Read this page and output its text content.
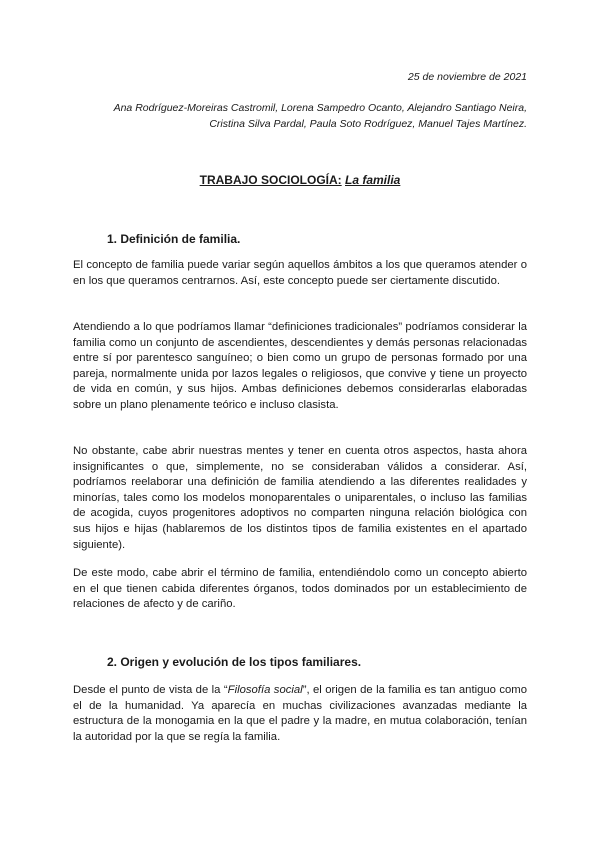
25 de noviembre de 2021
Ana Rodríguez-Moreiras Castromil, Lorena Sampedro Ocanto, Alejandro Santiago Neira,
Cristina Silva Pardal, Paula Soto Rodríguez, Manuel Tajes Martínez.
TRABAJO SOCIOLOGÍA: La familia
1. Definición de familia.
El concepto de familia puede variar según aquellos ámbitos a los que queramos atender o en los que queramos centrarnos. Así, este concepto puede ser ciertamente discutido.
Atendiendo a lo que podríamos llamar “definiciones tradicionales” podríamos considerar la familia como un conjunto de ascendientes, descendientes y demás personas relacionadas entre sí por parentesco sanguíneo; o bien como un grupo de personas formado por una pareja, normalmente unida por lazos legales o religiosos, que convive y tiene un proyecto de vida en común, y sus hijos. Ambas definiciones debemos considerarlas elaboradas sobre un plano plenamente teórico e incluso clasista.
No obstante, cabe abrir nuestras mentes y tener en cuenta otros aspectos, hasta ahora insignificantes o que, simplemente, no se consideraban válidos a considerar. Así, podríamos reelaborar una definición de familia atendiendo a las diferentes realidades y minorías, tales como los modelos monoparentales o uniparentales, o incluso las familias de acogida, cuyos progenitores adoptivos no comparten ninguna relación biológica con sus hijos e hijas (hablaremos de los distintos tipos de familia existentes en el apartado siguiente).
De este modo, cabe abrir el término de familia, entendiéndolo como un concepto abierto en el que tienen cabida diferentes órganos, todos dominados por un establecimiento de relaciones de afecto y de cariño.
2. Origen y evolución de los tipos familiares.
Desde el punto de vista de la “Filosofía social”, el origen de la familia es tan antiguo como el de la humanidad. Ya aparecía en muchas civilizaciones avanzadas mediante la estructura de la monogamia en la que el padre y la madre, en mutua colaboración, tenían la autoridad por la que se regía la familia.
